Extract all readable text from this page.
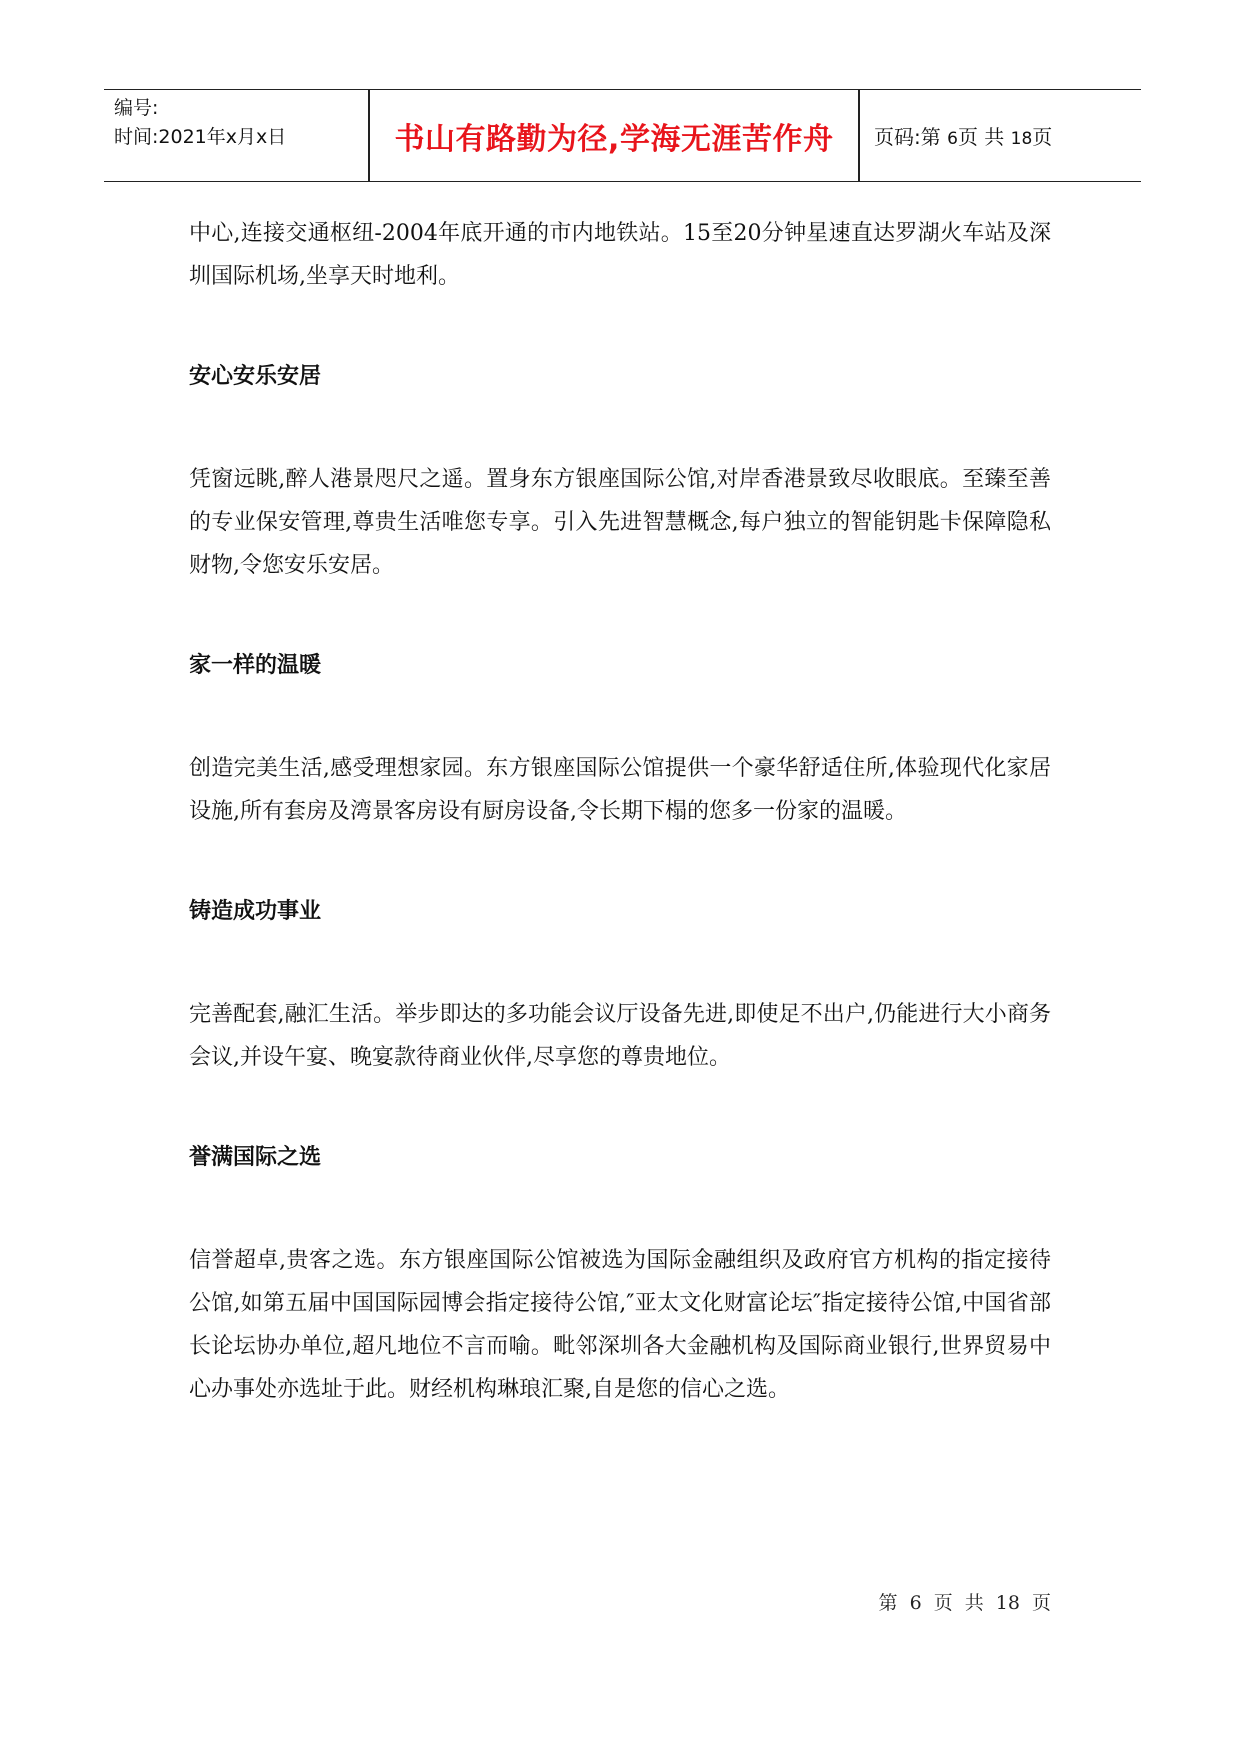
编号:
时间:2021年x月x日	书山有路勤为径,学海无涯苦作舟	页码:第 6页 共 18页

中心,连接交通枢纽-2004年底开通的市内地铁站。15至20分钟星速直达罗湖火车站及深圳国际机场,坐享天时地利。

安心安乐安居

凭窗远眺,醉人港景咫尺之遥。置身东方银座国际公馆,对岸香港景致尽收眼底。至臻至善的专业保安管理,尊贵生活唯您专享。引入先进智慧概念,每户独立的智能钥匙卡保障隐私财物,令您安乐安居。

家一样的温暖

创造完美生活,感受理想家园。东方银座国际公馆提供一个豪华舒适住所,体验现代化家居设施,所有套房及湾景客房设有厨房设备,令长期下榻的您多一份家的温暖。

铸造成功事业

完善配套,融汇生活。举步即达的多功能会议厅设备先进,即使足不出户,仍能进行大小商务会议,并设午宴、晚宴款待商业伙伴,尽享您的尊贵地位。

誉满国际之选

信誉超卓,贵客之选。东方银座国际公馆被选为国际金融组织及政府官方机构的指定接待公馆,如第五届中国国际园博会指定接待公馆,″亚太文化财富论坛″指定接待公馆,中国省部长论坛协办单位,超凡地位不言而喻。毗邻深圳各大金融机构及国际商业银行,世界贸易中心办事处亦选址于此。财经机构琳琅汇聚,自是您的信心之选。

第 6 页 共 18 页
